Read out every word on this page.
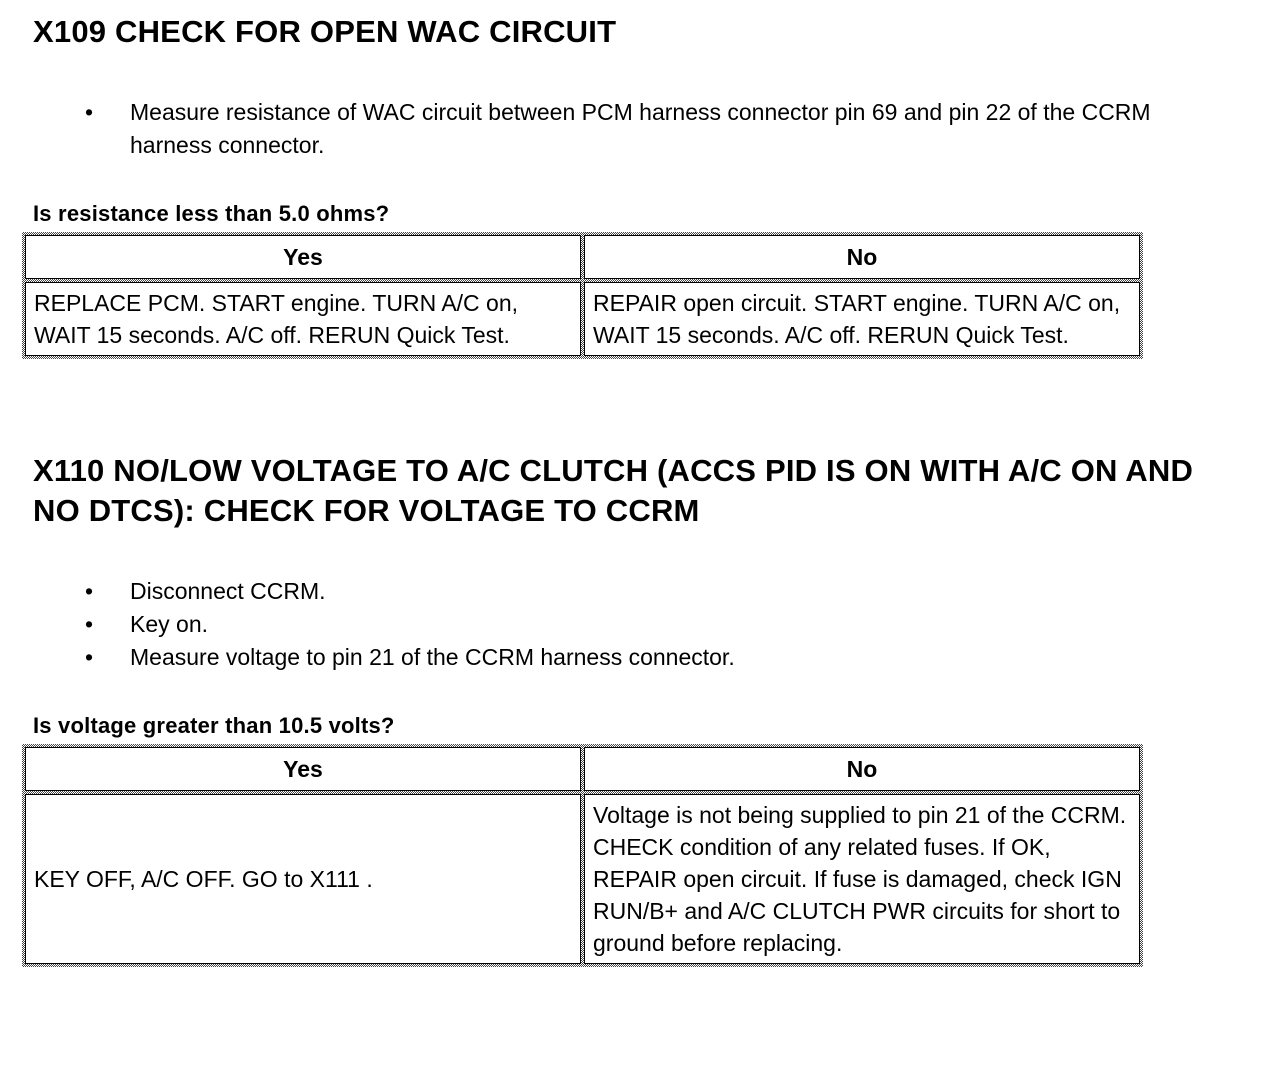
X109 CHECK FOR OPEN WAC CIRCUIT
•	Measure resistance of WAC circuit between PCM harness connector pin 69 and pin 22 of the CCRM harness connector.

Is resistance less than 5.0 ohms?

Yes	No
REPLACE PCM. START engine. TURN A/C on, WAIT 15 seconds. A/C off. RERUN Quick Test.	REPAIR open circuit. START engine. TURN A/C on, WAIT 15 seconds. A/C off. RERUN Quick Test.
X110 NO/LOW VOLTAGE TO A/C CLUTCH (ACCS PID IS ON WITH A/C ON AND NO DTCS): CHECK FOR VOLTAGE TO CCRM
•	Disconnect CCRM.
•	Key on.
•	Measure voltage to pin 21 of the CCRM harness connector.

Is voltage greater than 10.5 volts?

Yes	No
KEY OFF, A/C OFF. GO to X111 .	Voltage is not being supplied to pin 21 of the CCRM. CHECK condition of any related fuses. If OK, REPAIR open circuit. If fuse is damaged, check IGN RUN/B+ and A/C CLUTCH PWR circuits for short to ground before replacing.
